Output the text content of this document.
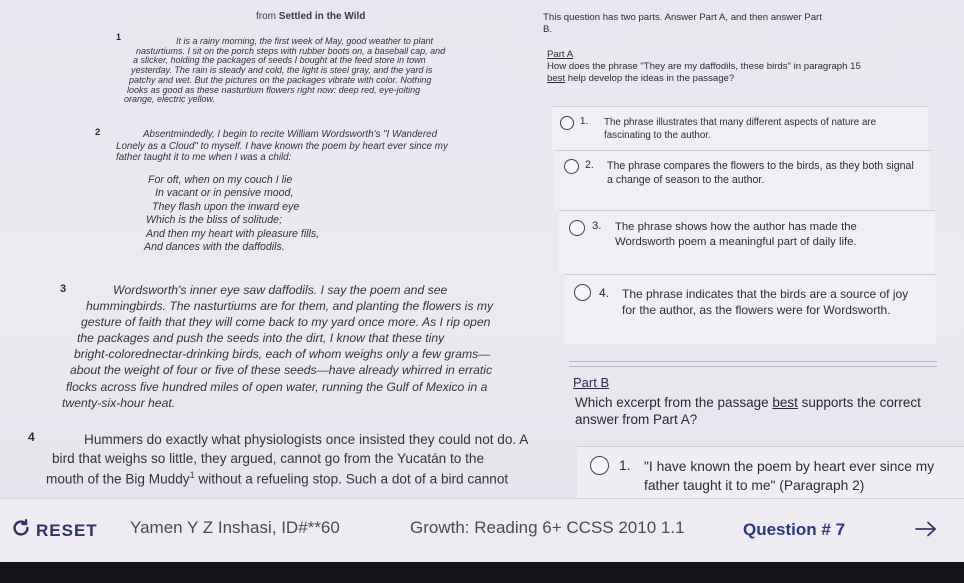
from Settled in the Wild
1	It is a rainy morning, the first week of May, good weather to plant
nasturtiums. I sit on the porch steps with rubber boots on, a baseball cap, and
a slicker, holding the packages of seeds I bought at the feed store in town
yesterday. The rain is steady and cold, the light is steel gray, and the yard is
patchy and wet. But the pictures on the packages vibrate with color. Nothing
looks as good as these nasturtium flowers right now: deep red, eye-jolting
orange, electric yellow.
2	Absentmindedly, I begin to recite William Wordsworth's "I Wandered
Lonely as a Cloud" to myself. I have known the poem by heart ever since my
father taught it to me when I was a child:
For oft, when on my couch I lie
In vacant or in pensive mood,
They flash upon the inward eye
Which is the bliss of solitude;
And then my heart with pleasure fills,
And dances with the daffodils.
3	Wordsworth's inner eye saw daffodils. I say the poem and see
hummingbirds. The nasturtiums are for them, and planting the flowers is my
gesture of faith that they will come back to my yard once more. As I rip open
the packages and push the seeds into the dirt, I know that these tiny
bright-colorednectar-drinking birds, each of whom weighs only a few grams—
about the weight of four or five of these seeds—have already whirred in erratic
flocks across five hundred miles of open water, running the Gulf of Mexico in a
twenty-six-hour heat.
4	Hummers do exactly what physiologists once insisted they could not do. A
bird that weighs so little, they argued, cannot go from the Yucatán to the
mouth of the Big Muddy$^1$ without a refueling stop. Such a dot of a bird cannot
This question has two parts. Answer Part A, and then answer Part B.
Part A
How does the phrase "They are my daffodils, these birds" in paragraph 15 best help develop the ideas in the passage?
1. The phrase illustrates that many different aspects of nature are fascinating to the author.
2. The phrase compares the flowers to the birds, as they both signal a change of season to the author.
3. The phrase shows how the author has made the Wordsworth poem a meaningful part of daily life.
4. The phrase indicates that the birds are a source of joy for the author, as the flowers were for Wordsworth.
Part B
Which excerpt from the passage best supports the correct answer from Part A?
1. "I have known the poem by heart ever since my father taught it to me" (Paragraph 2)
RESET Yamen Y Z Inshasi, ID#**60	Growth: Reading 6+ CCSS 2010 1.1	Question # 7
